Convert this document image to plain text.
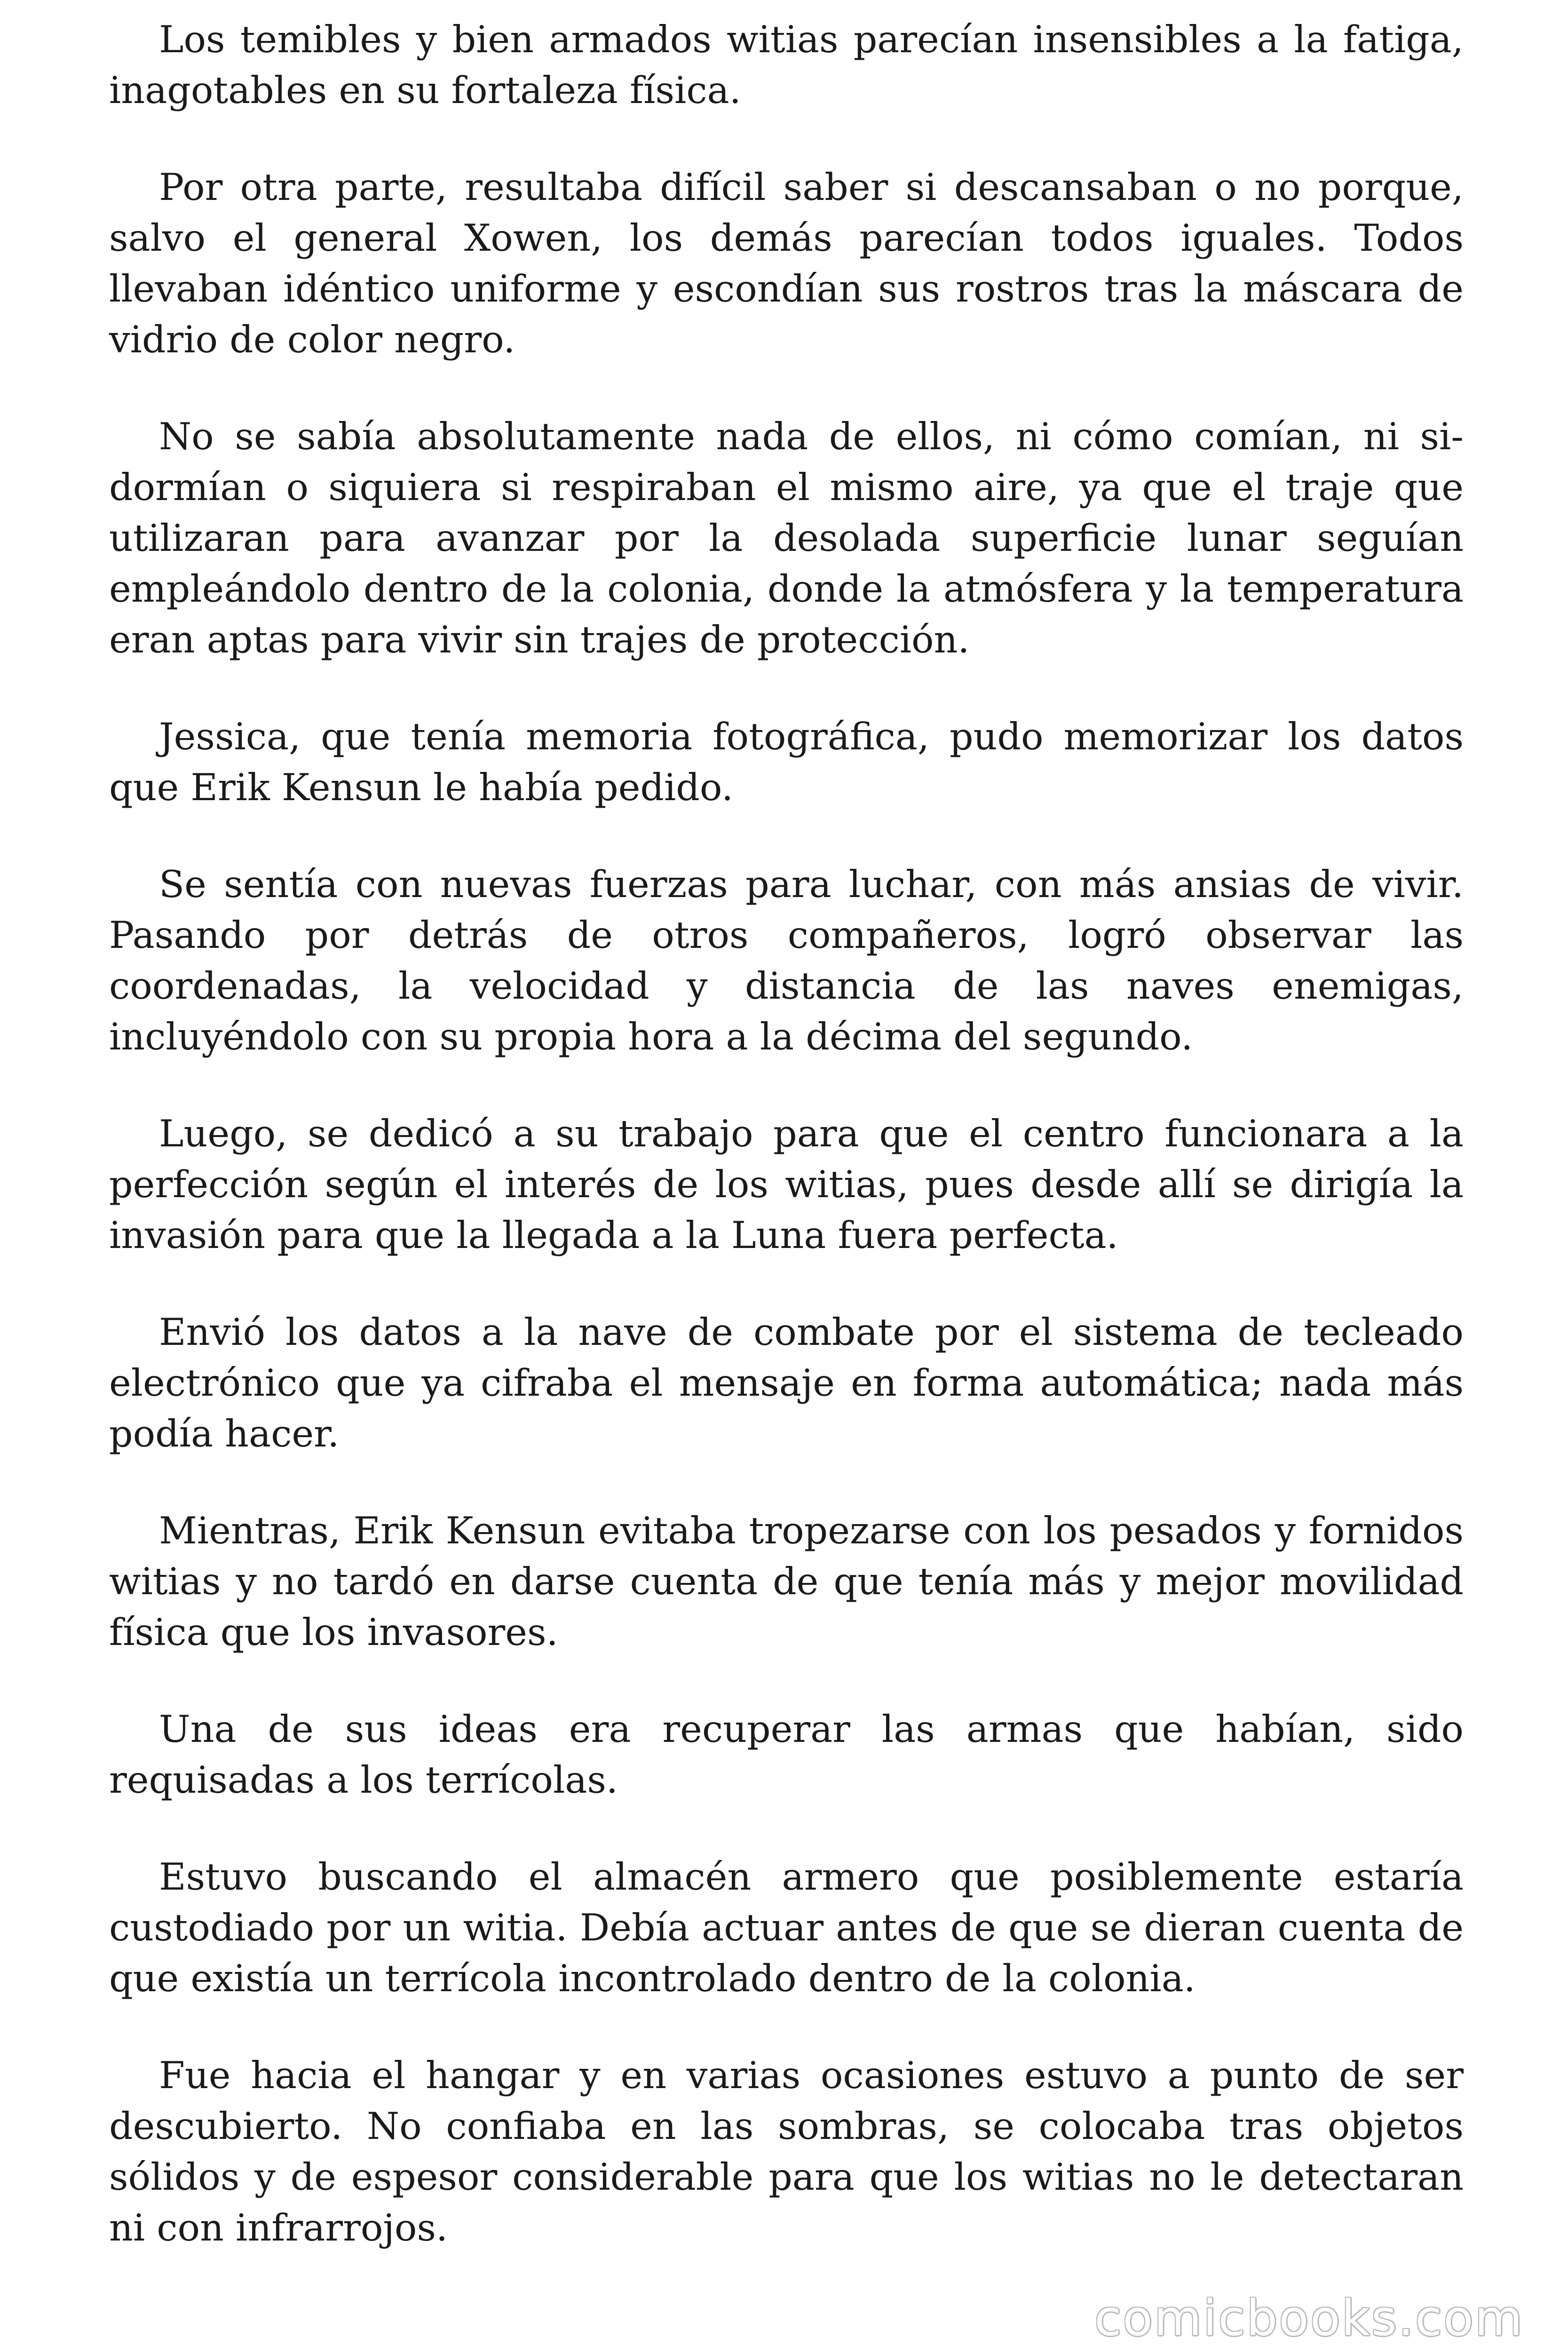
Los temibles y bien armados witias parecían insensibles a la fatiga, inagotables en su fortaleza física.

Por otra parte, resultaba difícil saber si descansaban o no porque, salvo el general Xowen, los demás parecían todos iguales. Todos llevaban idéntico uniforme y escondían sus rostros tras la máscara de vidrio de color negro.

No se sabía absolutamente nada de ellos, ni cómo comían, ni sidormían o siquiera si respiraban el mismo aire, ya que el traje que utilizaran para avanzar por la desolada superficie lunar seguían empleándolo dentro de la colonia, donde la atmósfera y la temperatura eran aptas para vivir sin trajes de protección.

Jessica, que tenía memoria fotográfica, pudo memorizar los datos que Erik Kensun le había pedido.

Se sentía con nuevas fuerzas para luchar, con más ansias de vivir. Pasando por detrás de otros compañeros, logró observar las coordenadas, la velocidad y distancia de las naves enemigas, incluyéndolo con su propia hora a la décima del segundo.

Luego, se dedicó a su trabajo para que el centro funcionara a la perfección según el interés de los witias, pues desde allí se dirigía la invasión para que la llegada a la Luna fuera perfecta.

Envió los datos a la nave de combate por el sistema de tecleado electrónico que ya cifraba el mensaje en forma automática; nada más podía hacer.

Mientras, Erik Kensun evitaba tropezarse con los pesados y fornidos witias y no tardó en darse cuenta de que tenía más y mejor movilidad física que los invasores.

Una de sus ideas era recuperar las armas que habían, sido requisadas a los terrícolas.

Estuvo buscando el almacén armero que posiblemente estaría custodiado por un witia. Debía actuar antes de que se dieran cuenta de que existía un terrícola incontrolado dentro de la colonia.

Fue hacia el hangar y en varias ocasiones estuvo a punto de ser descubierto. No confiaba en las sombras, se colocaba tras objetos sólidos y de espesor considerable para que los witias no le detectaran ni con infrarrojos.

comicbooks.com
